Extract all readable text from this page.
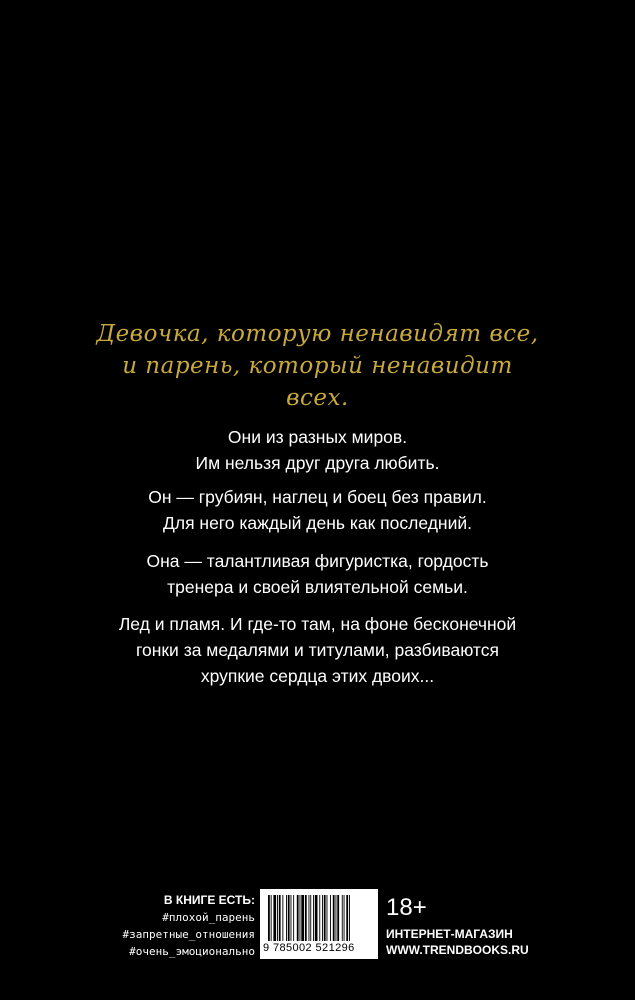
Девочка, которую ненавидят все,
и парень, который ненавидит
всех.
Они из разных миров.
Им нельзя друг друга любить.
Он — грубиян, наглец и боец без правил.
Для него каждый день как последний.
Она — талантливая фигуристка, гордость
тренера и своей влиятельной семьи.
Лед и пламя. И где-то там, на фоне бесконечной
гонки за медалями и титулами, разбиваются
хрупкие сердца этих двоих...
В КНИГЕ ЕСТЬ:
#плохой_парень
#запретные_отношения
#очень_эмоционально 9 785002 521296
18+
ИНТЕРНЕТ-МАГАЗИН
WWW.TRENDBOOKS.RU
